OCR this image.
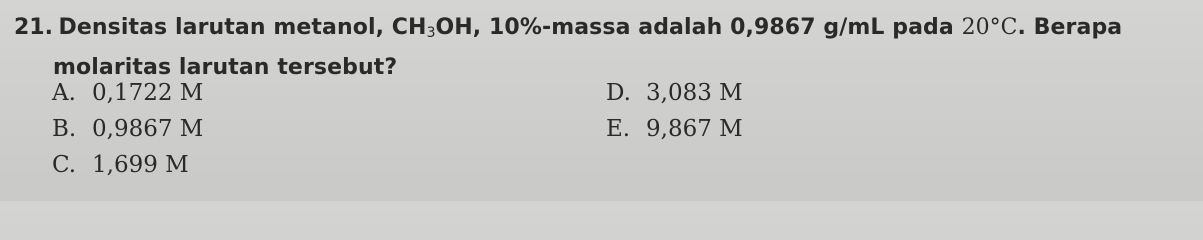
21. Densitas larutan metanol, $CH_3OH$, 10%-massa adalah 0,9867 g/mL pada 20°C. Berapa
molaritas larutan tersebut?
A. 0,1722 M
B. 0,9867 M
C. 1,699 M
D. 3,083 M
E. 9,867 M
